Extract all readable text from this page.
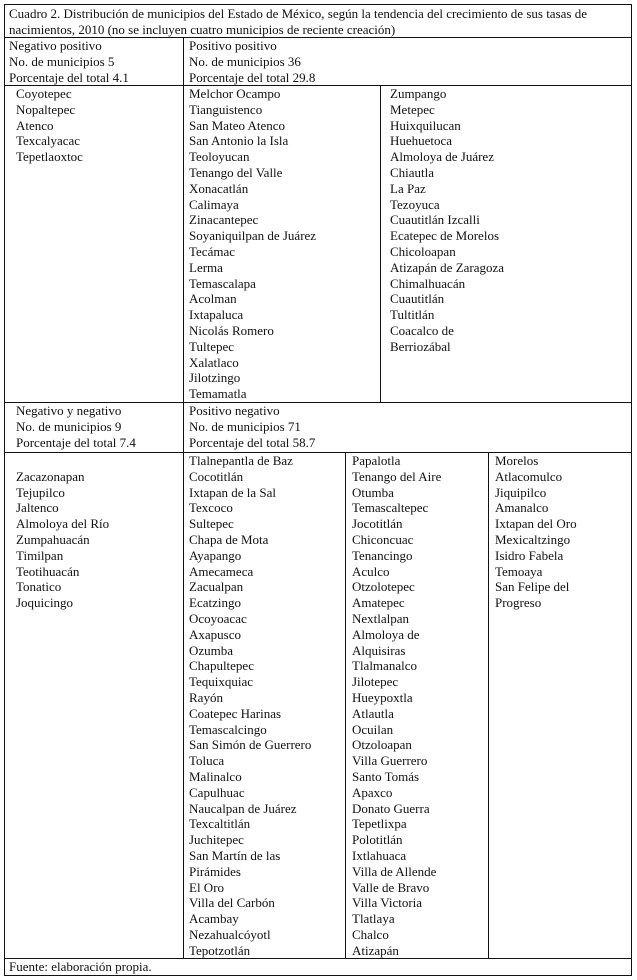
Cuadro 2. Distribución de municipios del Estado de México, según la tendencia del crecimiento de sus tasas de nacimientos, 2010 (no se incluyen cuatro municipios de reciente creación)
Negativo positivo
No. de municipios 5
Porcentaje del total 4.1
Positivo positivo
No. de municipios 36
Porcentaje del total 29.8
Coyotepec
Nopaltepec
Atenco
Texcalyacac
Tepetlaoxtoc
Melchor Ocampo
Tianguistenco
San Mateo Atenco
San Antonio la Isla
Teoloyucan
Tenango del Valle
Xonacatlán
Calimaya
Zinacantepec
Soyaniquilpan de Juárez
Tecámac
Lerma
Temascalapa
Acolman
Ixtapaluca
Nicolás Romero
Tultepec
Xalatlaco
Jilotzingo
Temamatla
Zumpango
Metepec
Huixquilucan
Huehuetoca
Almoloya de Juárez
Chiautla
La Paz
Tezoyuca
Cuautitlán Izcalli
Ecatepec de Morelos
Chicoloapan
Atizapán de Zaragoza
Chimalhuacán
Cuautitlán
Tultitlán
Coacalco de
Berriozábal
Negativo y negativo
No. de municipios 9
Porcentaje del total 7.4
Positivo negativo
No. de municipios 71
Porcentaje del total 58.7
Zacazonapan
Tejupilco
Jaltenco
Almoloya del Río
Zumpahuacán
Timilpan
Teotihuacán
Tonatico
Joquicingo
Tlalnepantla de Baz
Cocotitlán
Ixtapan de la Sal
Texcoco
Sultepec
Chapa de Mota
Ayapango
Amecameca
Zacualpan
Ecatzingo
Ocoyoacac
Axapusco
Ozumba
Chapultepec
Tequixquiac
Rayón
Coatepec Harinas
Temascalcingo
San Simón de Guerrero
Toluca
Malinalco
Capulhuac
Naucalpan de Juárez
Texcaltitlán
Juchitepec
San Martín de las
Pirámides
El Oro
Villa del Carbón
Acambay
Nezahualcóyotl
Tepotzotlán
Papalotla
Tenango del Aire
Otumba
Temascaltepec
Jocotitlán
Chiconcuac
Tenancingo
Aculco
Otzolotepec
Amatepec
Nextlalpan
Almoloya de
Alquisiras
Tlalmanalco
Jilotepec
Hueypoxtla
Atlautla
Ocuilan
Otzoloapan
Villa Guerrero
Santo Tomás
Apaxco
Donato Guerra
Tepetlixpa
Polotitlán
Ixtlahuaca
Villa de Allende
Valle de Bravo
Villa Victoria
Tlatlaya
Chalco
Atizapán
Morelos
Atlacomulco
Jiquipilco
Amanalco
Ixtapan del Oro
Mexicaltzingo
Isidro Fabela
Temoaya
San Felipe del
Progreso
Fuente: elaboración propia.
